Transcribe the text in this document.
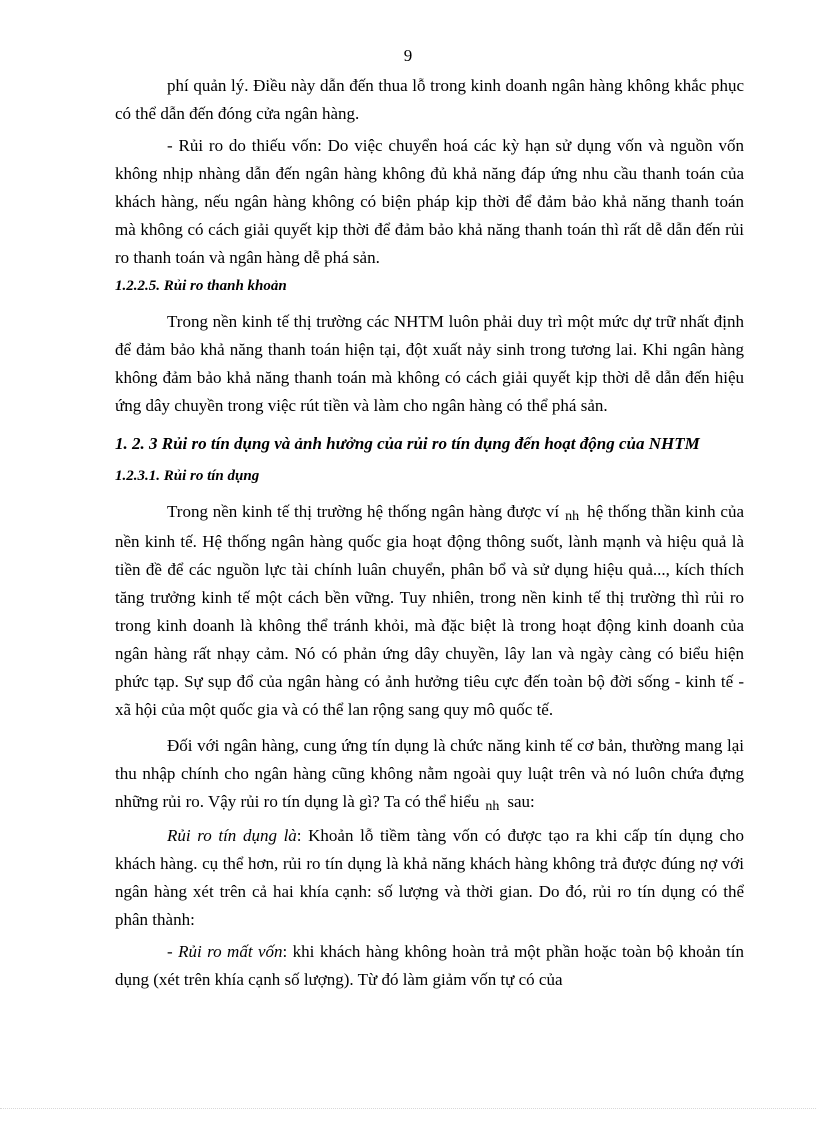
9

phí quản lý. Điều này dẫn đến thua lỗ trong kinh doanh ngân hàng không khắc phục có thể dẫn đến đóng cửa ngân hàng.

- Rủi ro do thiếu vốn: Do việc chuyển hoá các kỳ hạn sử dụng vốn và nguồn vốn không nhịp nhàng dẫn đến ngân hàng không đủ khả năng đáp ứng nhu cầu thanh toán của khách hàng, nếu ngân hàng không có biện pháp kịp thời để đảm bảo khả năng thanh toán mà không có cách giải quyết kịp thời để đảm bảo khả năng thanh toán thì rất dễ dẫn đến rủi ro thanh toán và ngân hàng dễ phá sản.

1.2.2.5. Rủi ro thanh khoản

Trong nền kinh tế thị trường các NHTM luôn phải duy trì một mức dự trữ nhất định để đảm bảo khả năng thanh toán hiện tại, đột xuất nảy sinh trong tương lai. Khi ngân hàng không đảm bảo khả năng thanh toán mà không có cách giải quyết kịp thời dễ dẫn đến hiệu ứng dây chuyền trong việc rút tiền và làm cho ngân hàng có thể phá sản.

1. 2. 3 Rủi ro tín dụng và ảnh hưởng của rủi ro tín dụng đến hoạt động của NHTM

1.2.3.1. Rủi ro tín dụng

Trong nền kinh tế thị trường hệ thống ngân hàng được ví nh hệ thống thần kinh của nền kinh tế. Hệ thống ngân hàng quốc gia hoạt động thông suốt, lành mạnh và hiệu quả là tiền đề để các nguồn lực tài chính luân chuyển, phân bổ và sử dụng hiệu quả..., kích thích tăng trưởng kinh tế một cách bền vững. Tuy nhiên, trong nền kinh tế thị trường thì rủi ro trong kinh doanh là không thể tránh khỏi, mà đặc biệt là trong hoạt động kinh doanh của ngân hàng rất nhạy cảm. Nó có phản ứng dây chuyền, lây lan và ngày càng có biểu hiện phức tạp. Sự sụp đổ của ngân hàng có ảnh hưởng tiêu cực đến toàn bộ đời sống - kinh tế - xã hội của một quốc gia và có thể lan rộng sang quy mô quốc tế.

Đối với ngân hàng, cung ứng tín dụng là chức năng kinh tế cơ bản, thường mang lại thu nhập chính cho ngân hàng cũng không nằm ngoài quy luật trên và nó luôn chứa đựng những rủi ro. Vậy rủi ro tín dụng là gì? Ta có thể hiểu nh sau:

Rủi ro tín dụng là: Khoản lỗ tiềm tàng vốn có được tạo ra khi cấp tín dụng cho khách hàng. cụ thể hơn, rủi ro tín dụng là khả năng khách hàng không trả được đúng nợ với ngân hàng xét trên cả hai khía cạnh: số lượng và thời gian. Do đó, rủi ro tín dụng có thể phân thành:

- Rủi ro mất vốn: khi khách hàng không hoàn trả một phần hoặc toàn bộ khoản tín dụng (xét trên khía cạnh số lượng). Từ đó làm giảm vốn tự có của
